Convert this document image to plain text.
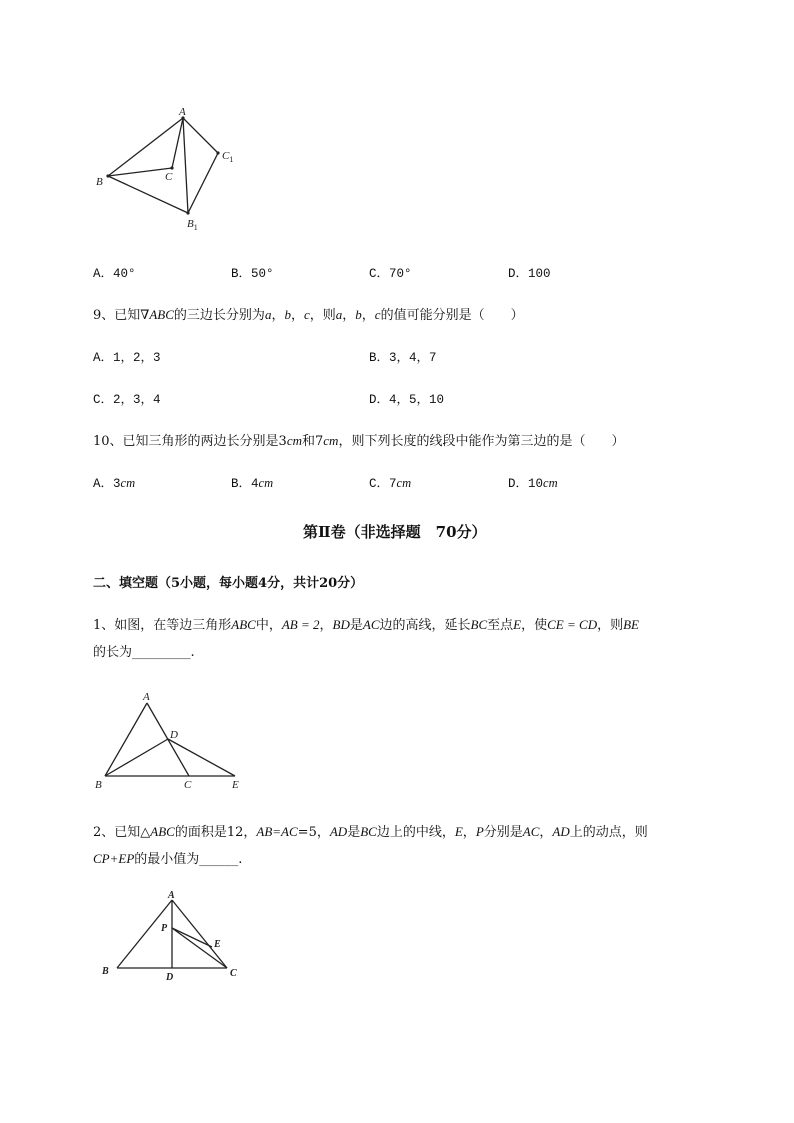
A
B	C
$C_1$
$B_1$
A．40°	B．50°	C．70°	D．100
9、已知∇ABC的三边长分别为a，b，c，则a，b，c的值可能分别是（　　）
A．1，2，3	B．3，4，7
C．2，3，4	D．4，5，10
10、已知三角形的两边长分别是3cm和7cm，则下列长度的线段中能作为第三边的是（　　）
A．3cm	B．4cm	C．7cm	D．10cm
第Ⅱ卷（非选择题　70分）
二、填空题（5小题，每小题4分，共计20分）
1、如图，在等边三角形ABC中，AB = 2，BD是AC边的高线，延长BC至点E，使CE = CD，则BE
的长为_________.
A
B	C
D
E
2、已知△ABC的面积是12，AB=AC=5，AD是BC边上的中线，E，P分别是AC，AD上的动点，则
CP+EP的最小值为______.
A
B	C
D
E
P
